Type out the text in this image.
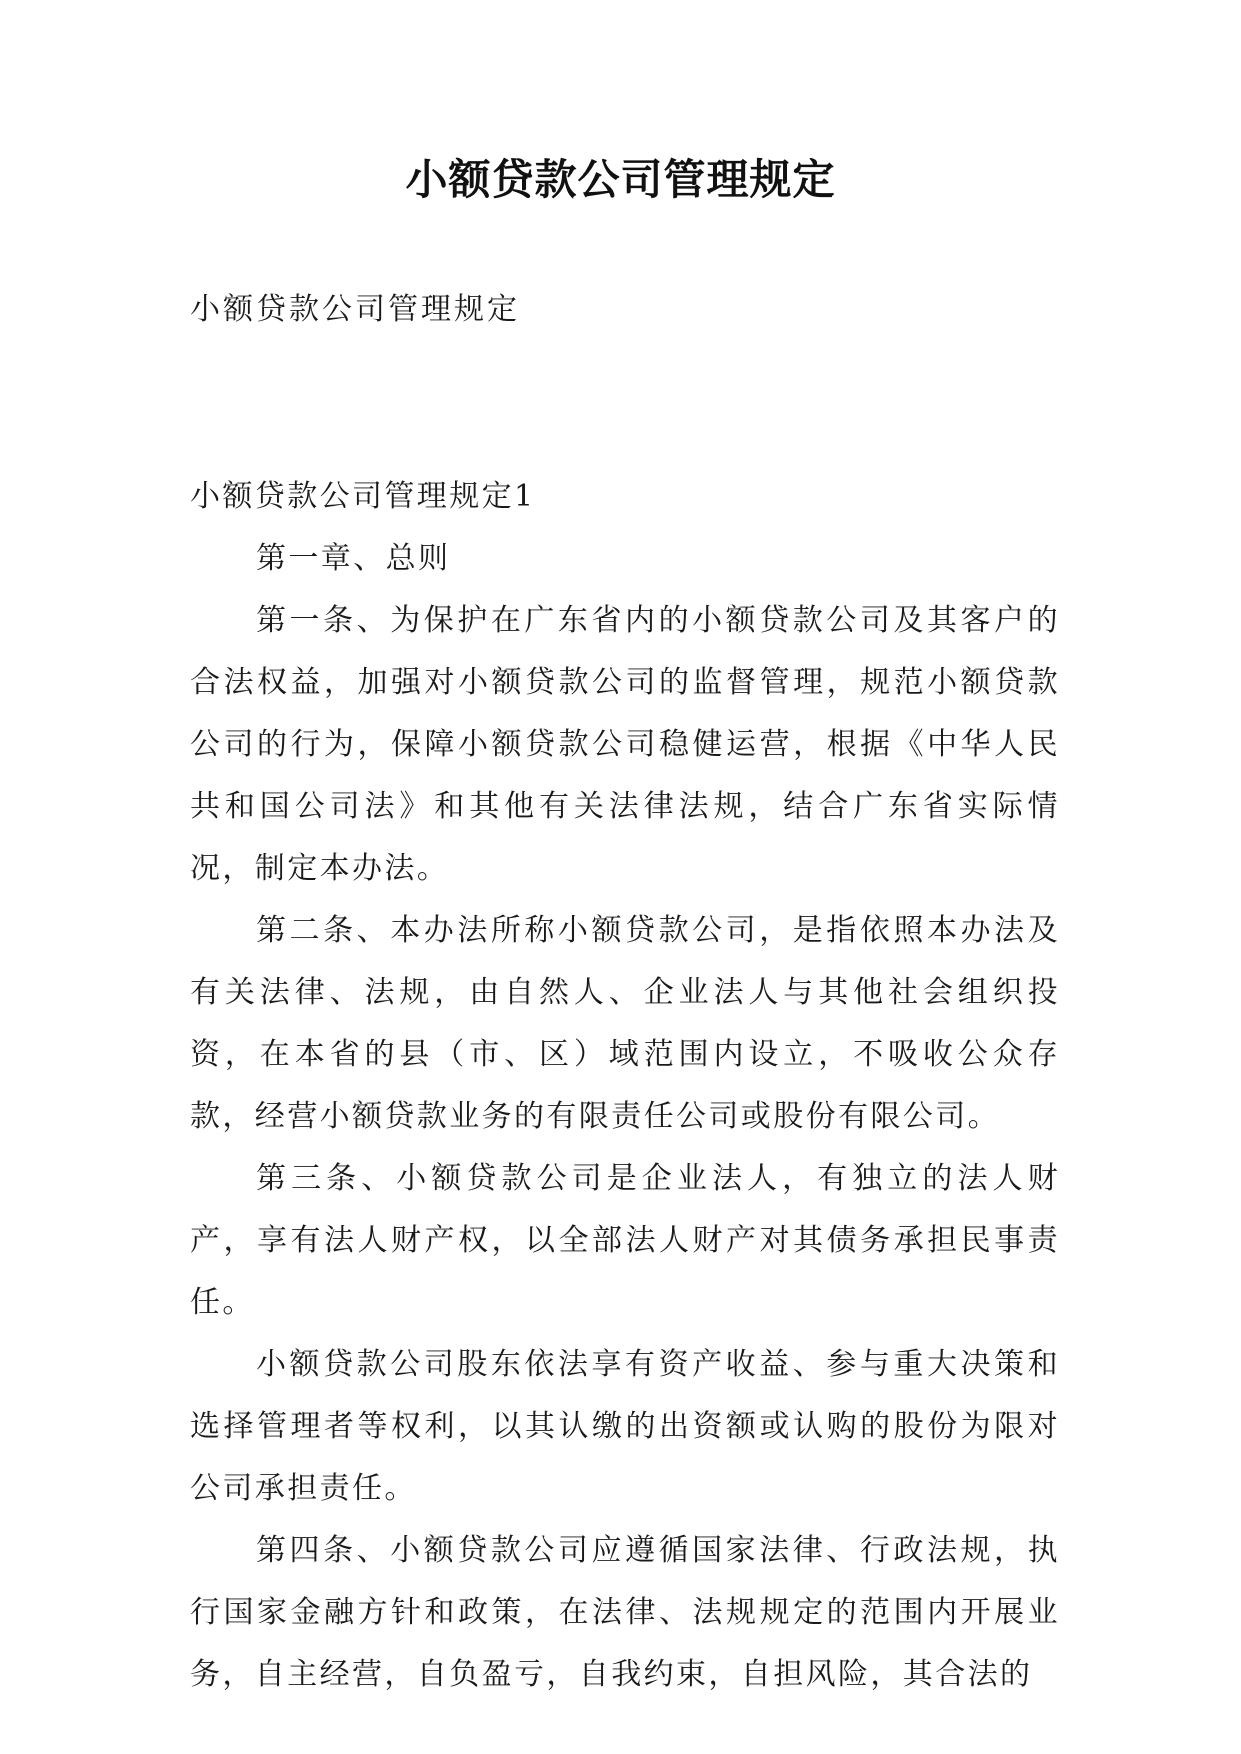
小额贷款公司管理规定
小额贷款公司管理规定

小额贷款公司管理规定1

第一章、总则

第一条、为保护在广东省内的小额贷款公司及其客户的合法权益，加强对小额贷款公司的监督管理，规范小额贷款公司的行为，保障小额贷款公司稳健运营，根据《中华人民共和国公司法》和其他有关法律法规，结合广东省实际情况，制定本办法。

第二条、本办法所称小额贷款公司，是指依照本办法及有关法律、法规，由自然人、企业法人与其他社会组织投资，在本省的县（市、区）域范围内设立，不吸收公众存款，经营小额贷款业务的有限责任公司或股份有限公司。

第三条、小额贷款公司是企业法人，有独立的法人财产，享有法人财产权，以全部法人财产对其债务承担民事责任。

小额贷款公司股东依法享有资产收益、参与重大决策和选择管理者等权利，以其认缴的出资额或认购的股份为限对公司承担责任。

第四条、小额贷款公司应遵循国家法律、行政法规，执行国家金融方针和政策，在法律、法规规定的范围内开展业务，自主经营，自负盈亏，自我约束，自担风险，其合法的
